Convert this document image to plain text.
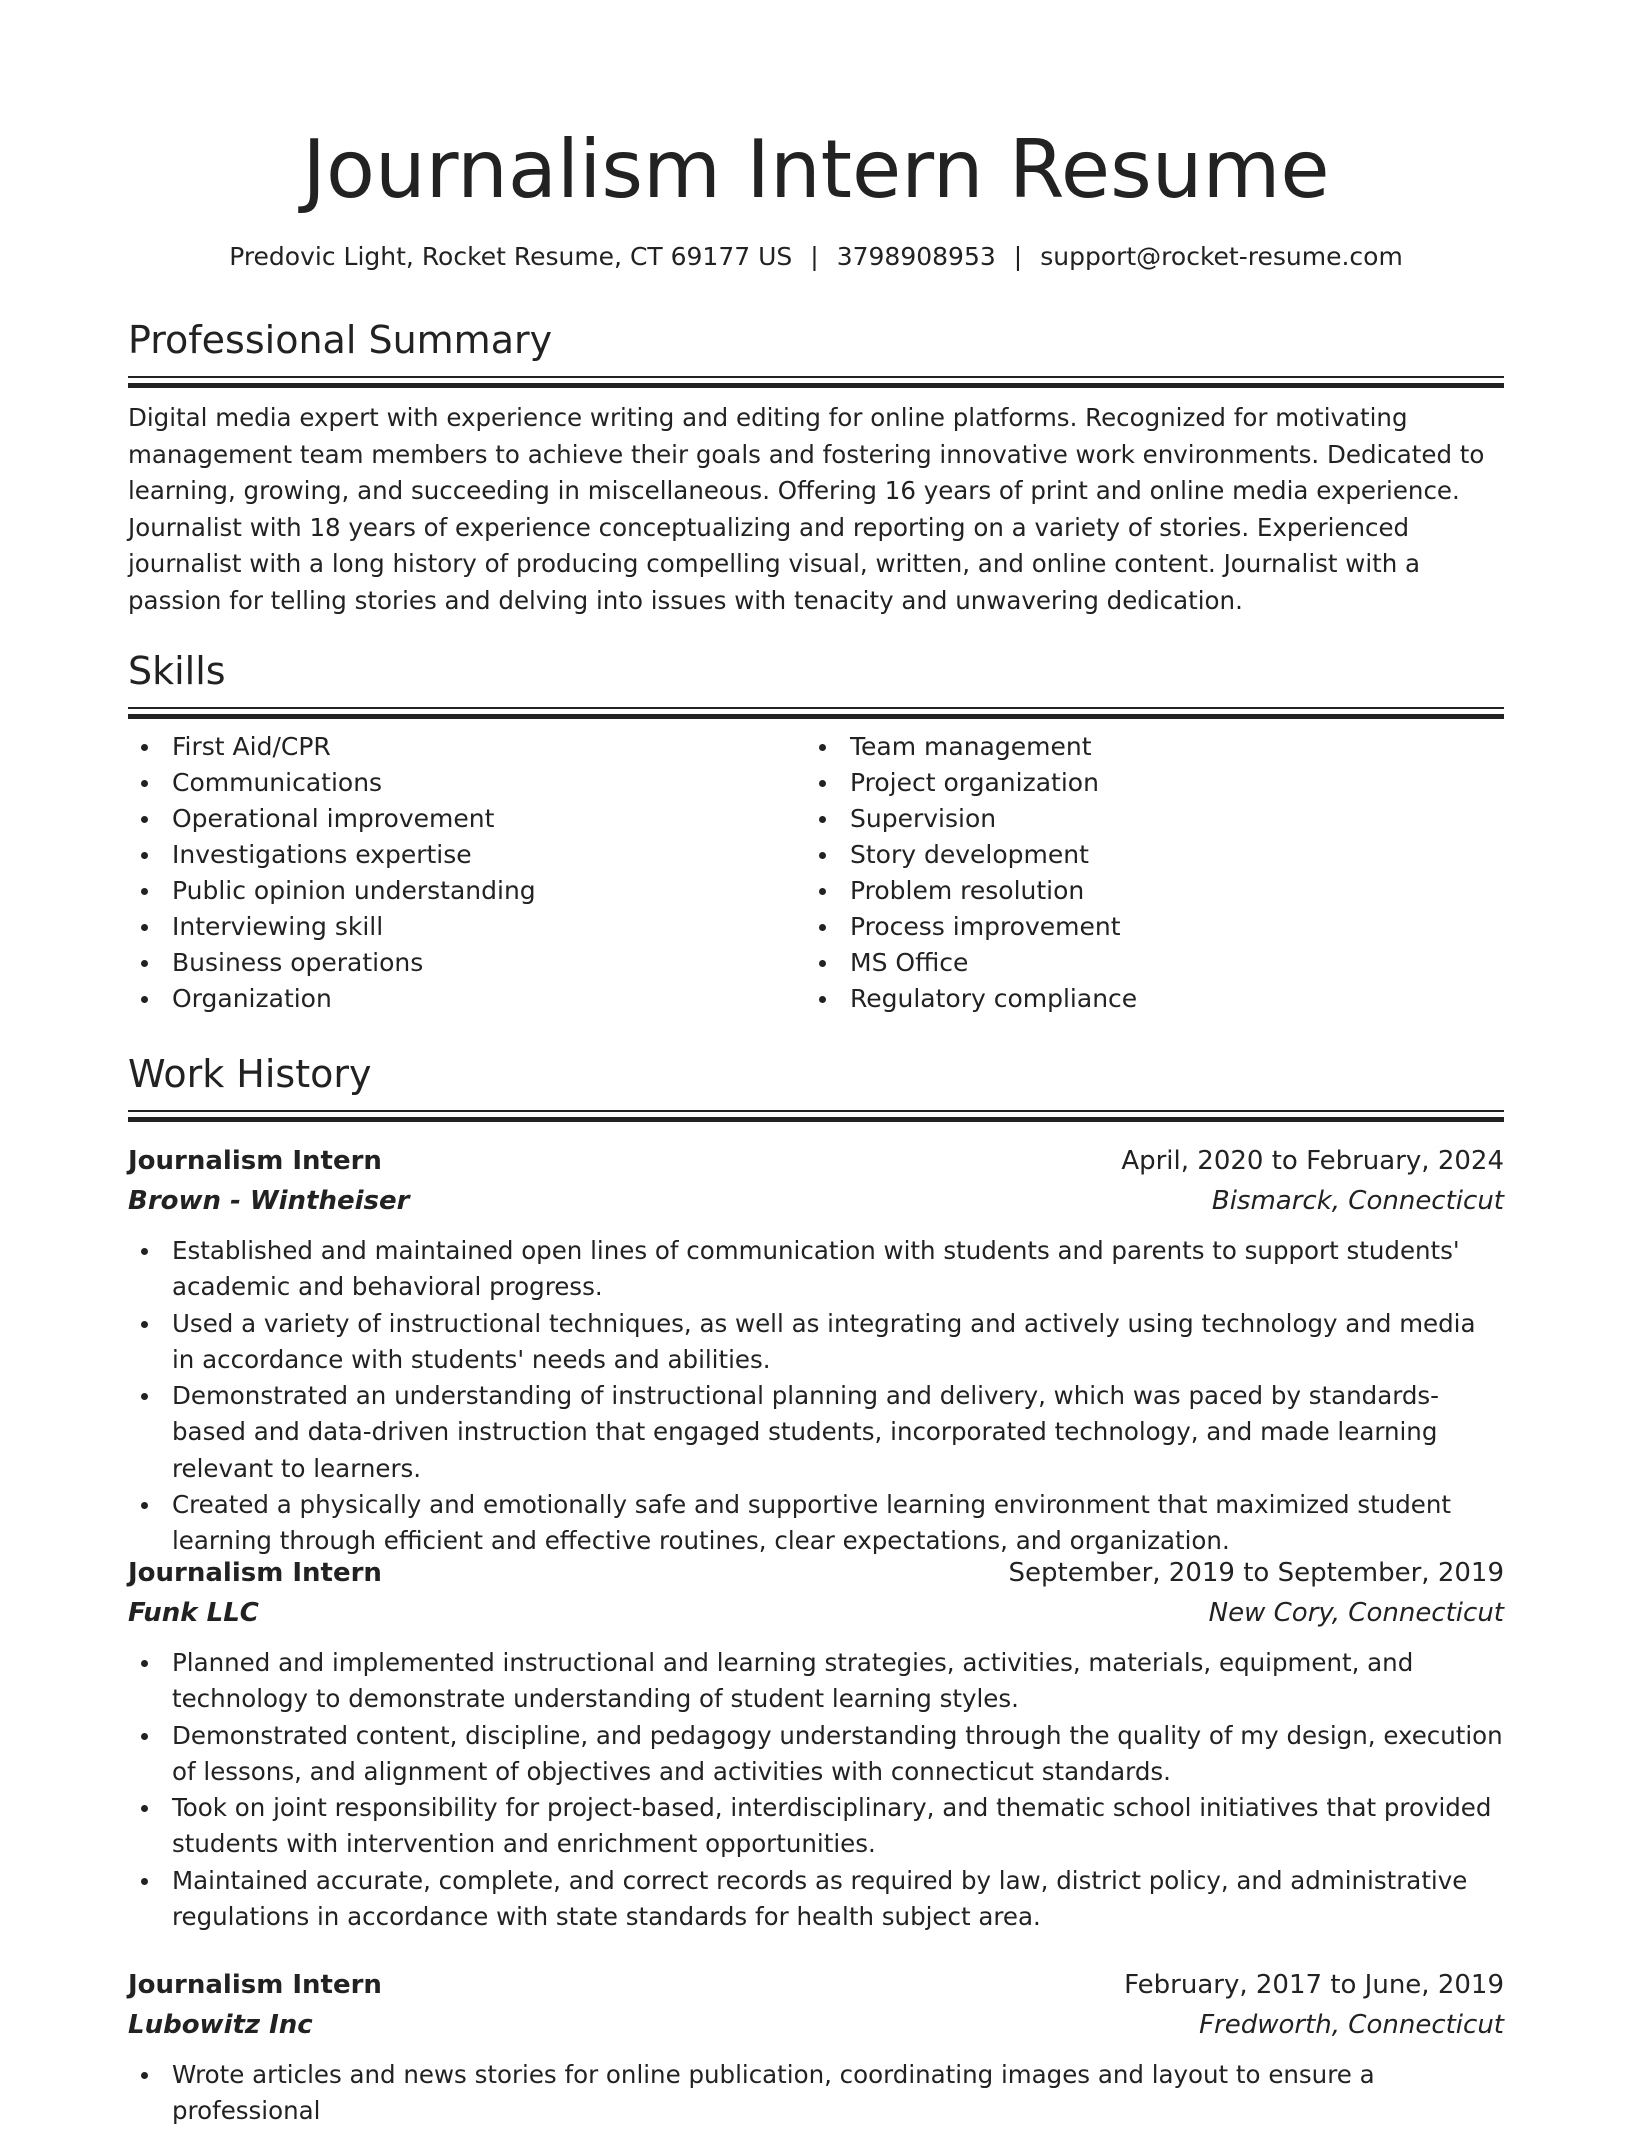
Journalism Intern Resume
Predovic Light, Rocket Resume, CT 69177 US | 3798908953 | support@rocket-resume.com
Professional Summary

Digital media expert with experience writing and editing for online platforms. Recognized for motivating management team members to achieve their goals and fostering innovative work environments. Dedicated to learning, growing, and succeeding in miscellaneous. Offering 16 years of print and online media experience. Journalist with 18 years of experience conceptualizing and reporting on a variety of stories. Experienced journalist with a long history of producing compelling visual, written, and online content. Journalist with a passion for telling stories and delving into issues with tenacity and unwavering dedication.

Skills
First Aid/CPR
Communications
Operational improvement
Investigations expertise
Public opinion understanding
Interviewing skill
Business operations
Organization
Team management
Project organization
Supervision
Story development
Problem resolution
Process improvement
MS Office
Regulatory compliance
Work History
Journalism Intern	April, 2020 to February, 2024
Brown - Wintheiser	Bismarck, Connecticut
Established and maintained open lines of communication with students and parents to support students' academic and behavioral progress.
Used a variety of instructional techniques, as well as integrating and actively using technology and media in accordance with students' needs and abilities.
Demonstrated an understanding of instructional planning and delivery, which was paced by standards-based and data-driven instruction that engaged students, incorporated technology, and made learning relevant to learners.
Created a physically and emotionally safe and supportive learning environment that maximized student learning through efficient and effective routines, clear expectations, and organization.
Journalism Intern	September, 2019 to September, 2019
Funk LLC	New Cory, Connecticut
Planned and implemented instructional and learning strategies, activities, materials, equipment, and technology to demonstrate understanding of student learning styles.
Demonstrated content, discipline, and pedagogy understanding through the quality of my design, execution of lessons, and alignment of objectives and activities with connecticut standards.
Took on joint responsibility for project-based, interdisciplinary, and thematic school initiatives that provided students with intervention and enrichment opportunities.
Maintained accurate, complete, and correct records as required by law, district policy, and administrative regulations in accordance with state standards for health subject area.
Journalism Intern	February, 2017 to June, 2019
Lubowitz Inc	Fredworth, Connecticut
Wrote articles and news stories for online publication, coordinating images and layout to ensure a professional
